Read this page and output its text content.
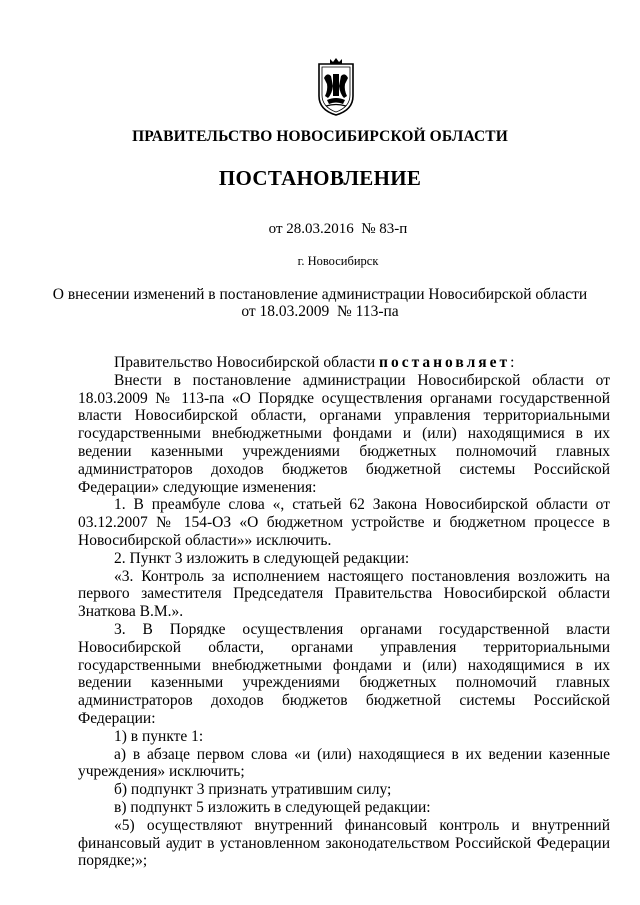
ПРАВИТЕЛЬСТВО НОВОСИБИРСКОЙ ОБЛАСТИ
ПОСТАНОВЛЕНИЕ
от 28.03.2016  № 83-п
г. Новосибирск
О внесении изменений в постановление администрации Новосибирской области
от 18.03.2009  № 113-па

Правительство Новосибирской области постановляет:

Внести в постановление администрации Новосибирской области от 18.03.2009 № 113-па «О Порядке осуществления органами государственной власти Новосибирской области, органами управления территориальными государственными внебюджетными фондами и (или) находящимися в их ведении казенными учреждениями бюджетных полномочий главных администраторов доходов бюджетов бюджетной системы Российской Федерации» следующие изменения:

1. В преамбуле слова «, статьей 62 Закона Новосибирской области от 03.12.2007 № 154-ОЗ «О бюджетном устройстве и бюджетном процессе в Новосибирской области»» исключить.

2. Пункт 3 изложить в следующей редакции:

«3. Контроль за исполнением настоящего постановления возложить на первого заместителя Председателя Правительства Новосибирской области Знаткова В.М.».

3. В Порядке осуществления органами государственной власти Новосибирской области, органами управления территориальными государственными внебюджетными фондами и (или) находящимися в их ведении казенными учреждениями бюджетных полномочий главных администраторов доходов бюджетов бюджетной системы Российской Федерации:

1) в пункте 1:

а) в абзаце первом слова «и (или) находящиеся в их ведении казенные учреждения» исключить;

б) подпункт 3 признать утратившим силу;

в) подпункт 5 изложить в следующей редакции:

«5) осуществляют внутренний финансовый контроль и внутренний финансовый аудит в установленном законодательством Российской Федерации порядке;»;
